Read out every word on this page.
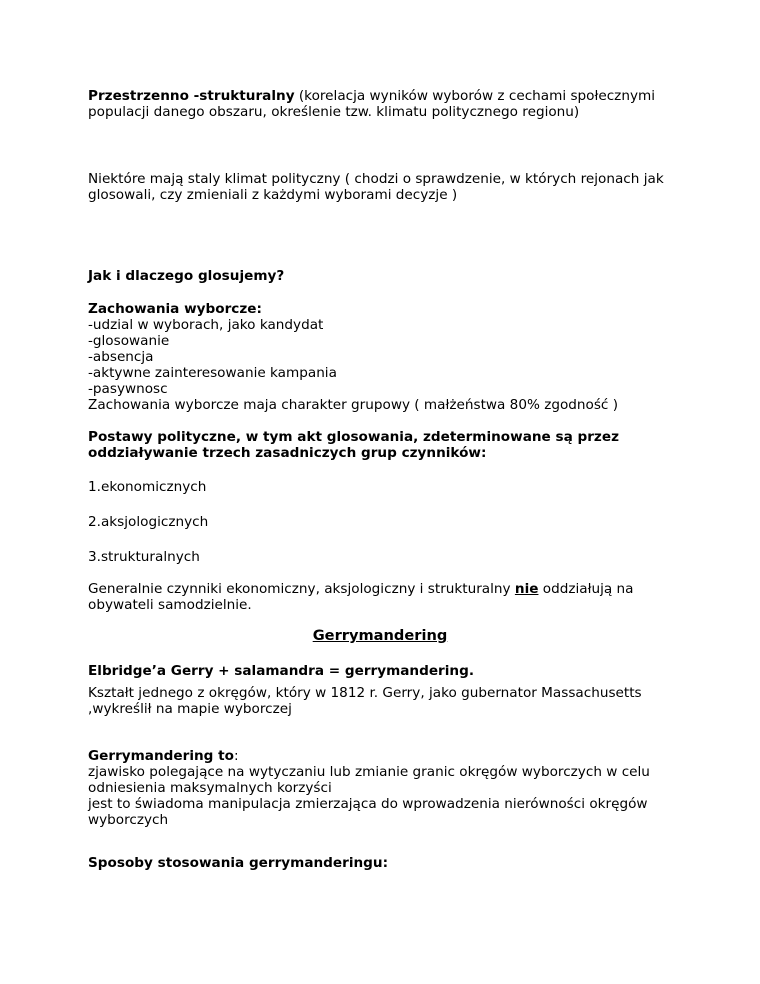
Przestrzenno -strukturalny (korelacja wyników wyborów z cechami społecznymi
populacji danego obszaru, określenie tzw. klimatu politycznego regionu)

Niektóre mają staly klimat polityczny ( chodzi o sprawdzenie, w których rejonach jak
glosowali, czy zmieniali z każdymi wyborami decyzje )

Jak i dlaczego glosujemy?

Zachowania wyborcze:
-udzial w wyborach, jako kandydat
-glosowanie
-absencja
-aktywne zainteresowanie kampania
-pasywnosc
Zachowania wyborcze maja charakter grupowy ( małżeństwa 80% zgodność )

Postawy polityczne, w tym akt glosowania, zdeterminowane są przez
oddziaływanie trzech zasadniczych grup czynników:

1.ekonomicznych

2.aksjologicznych

3.strukturalnych

Generalnie czynniki ekonomiczny, aksjologiczny i strukturalny nie oddziałują na
obywateli samodzielnie.

Gerrymandering

Elbridge’a Gerry + salamandra = gerrymandering.

Kształt jednego z okręgów, który w 1812 r. Gerry, jako gubernator Massachusetts
,wykreślił na mapie wyborczej

Gerrymandering to:
zjawisko polegające na wytyczaniu lub zmianie granic okręgów wyborczych w celu
odniesienia maksymalnych korzyści
jest to świadoma manipulacja zmierzająca do wprowadzenia nierówności okręgów
wyborczych

Sposoby stosowania gerrymanderingu:
